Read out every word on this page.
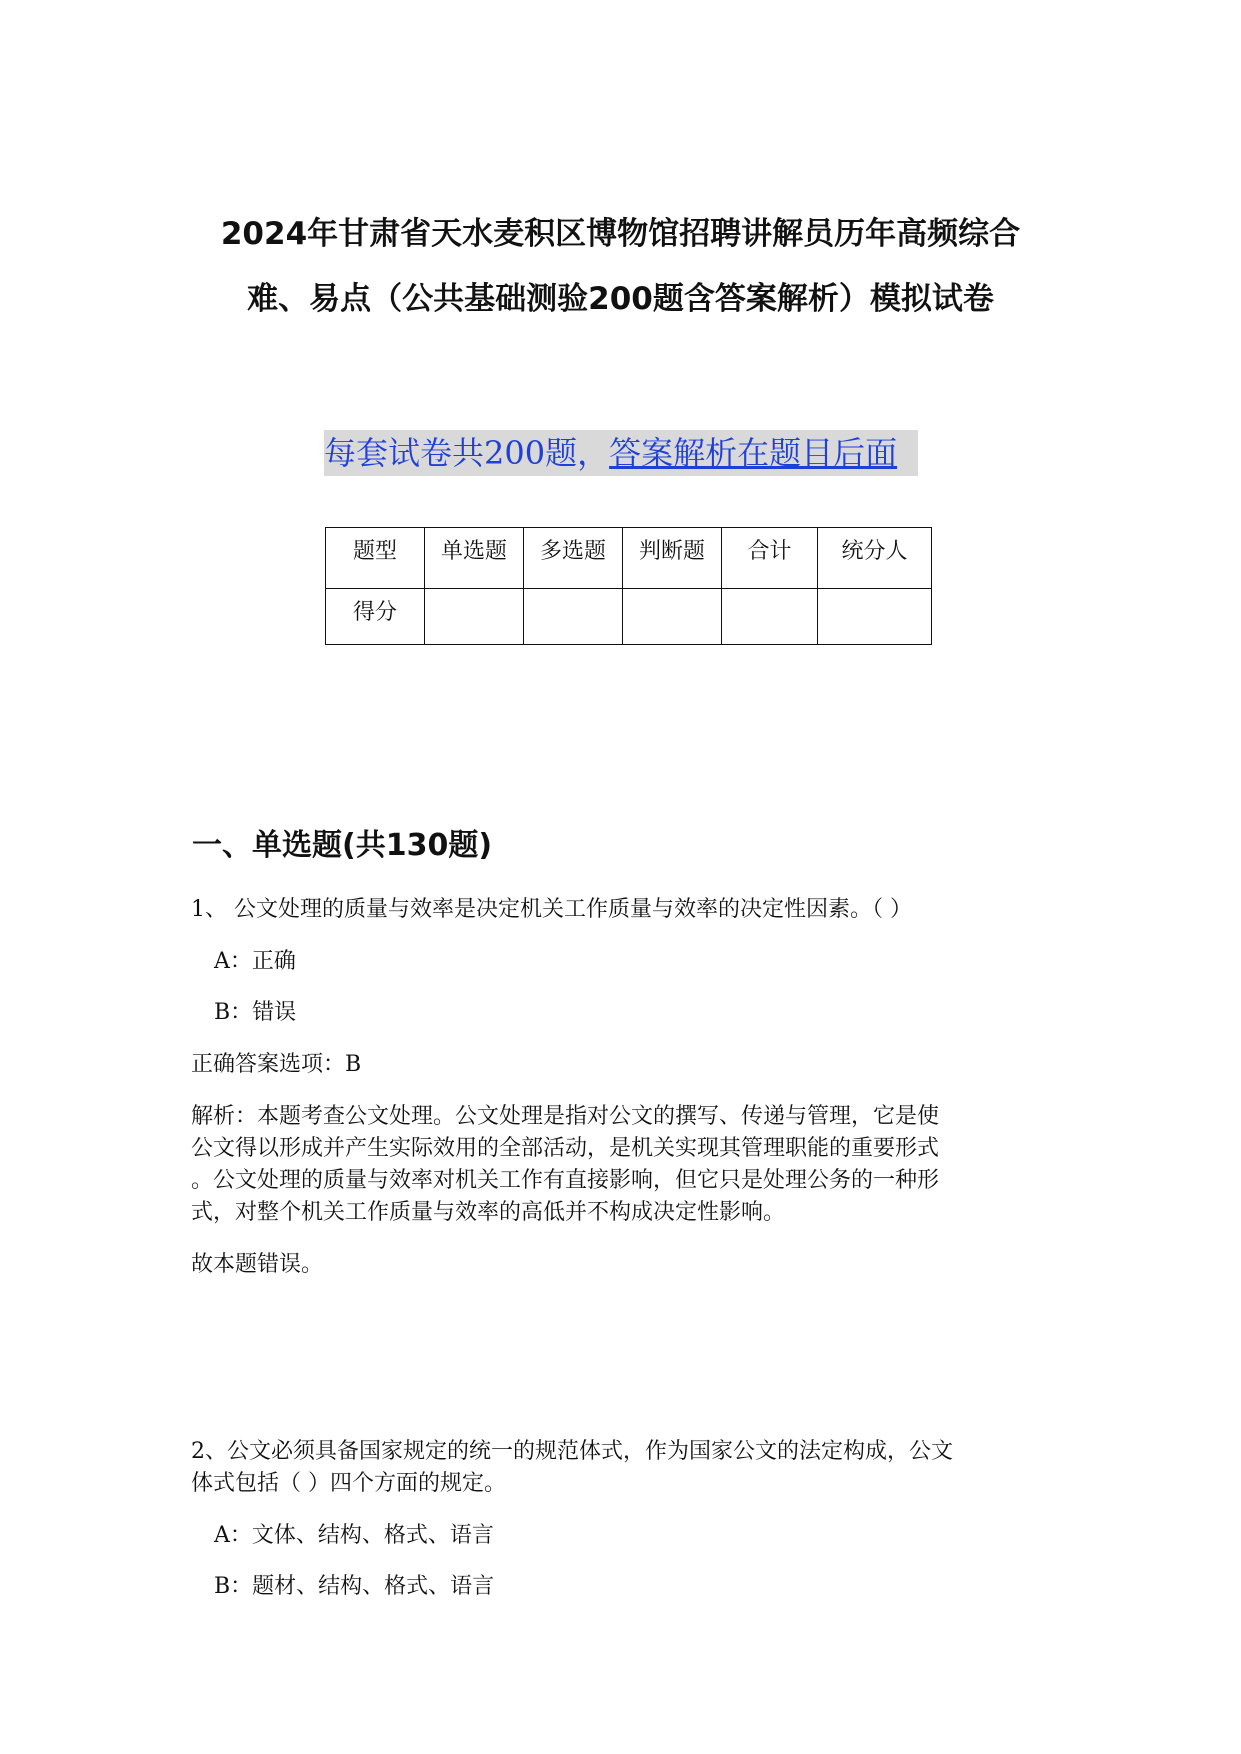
2024年甘肃省天水麦积区博物馆招聘讲解员历年高频综合
难、易点（公共基础测验200题含答案解析）模拟试卷
每套试卷共200题，答案解析在题目后面
题型	单选题	多选题	判断题	合计	统分人
得分					
一、单选题(共130题)
1、 公文处理的质量与效率是决定机关工作质量与效率的决定性因素。（ ）
A：正确
B：错误
正确答案选项：B
解析：本题考查公文处理。公文处理是指对公文的撰写、传递与管理，它是使
公文得以形成并产生实际效用的全部活动，是机关实现其管理职能的重要形式
。公文处理的质量与效率对机关工作有直接影响，但它只是处理公务的一种形
式，对整个机关工作质量与效率的高低并不构成决定性影响。
故本题错误。
2、公文必须具备国家规定的统一的规范体式，作为国家公文的法定构成，公文
体式包括（ ）四个方面的规定。
A：文体、结构、格式、语言
B：题材、结构、格式、语言
